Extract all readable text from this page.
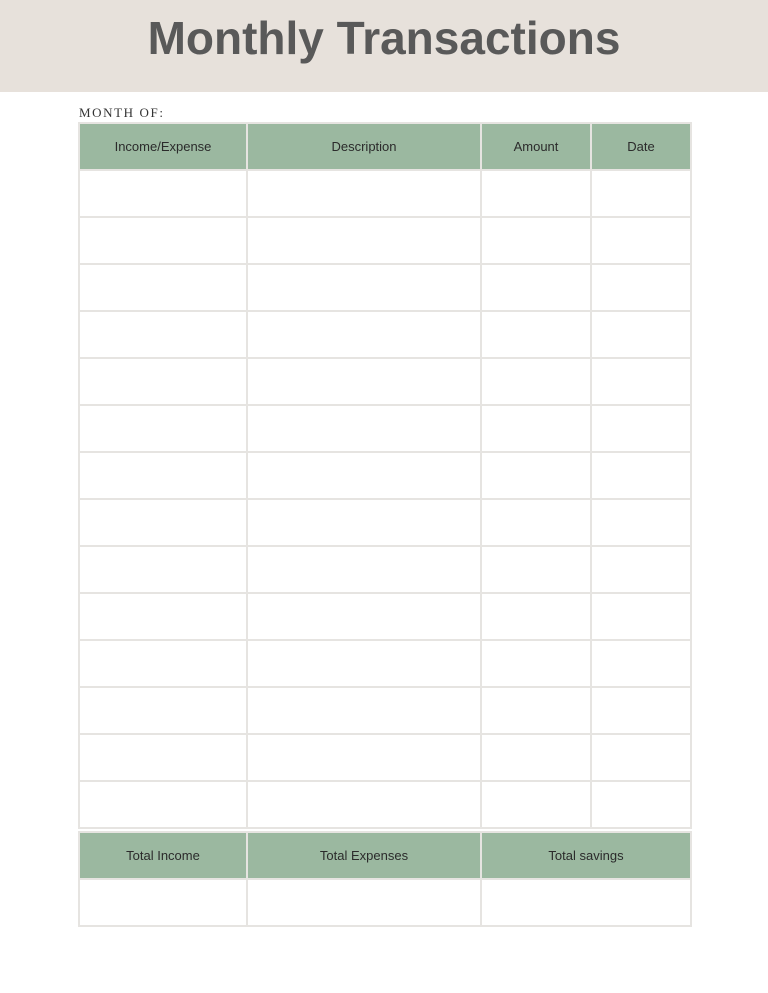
Monthly Transactions
MONTH OF:
Income/Expense	Description	Amount	Date

Total Income	Total Expenses	Total savings
